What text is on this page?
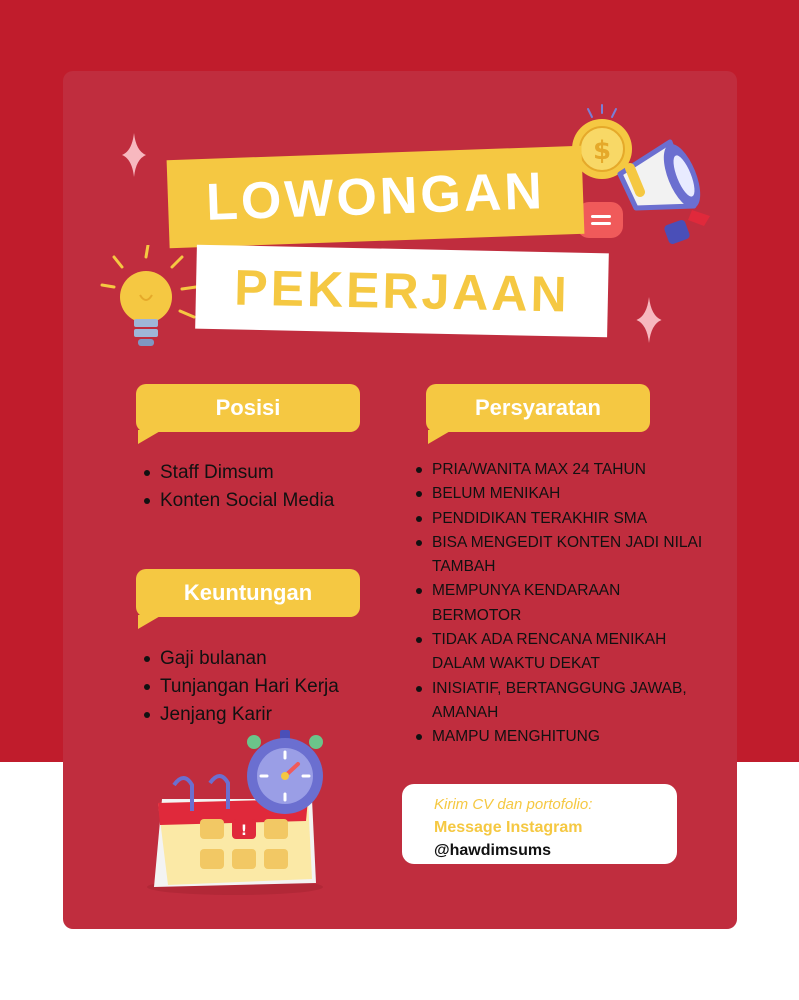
$
LOWONGAN
PEKERJAAN
Posisi	Persyaratan
Keuntungan
Staff Dimsum
Konten Social Media
Gaji bulanan
Tunjangan Hari Kerja
Jenjang Karir
PRIA/WANITA MAX 24 TAHUN
BELUM MENIKAH
PENDIDIKAN TERAKHIR SMA
BISA MENGEDIT KONTEN JADI NILAI TAMBAH
MEMPUNYA KENDARAAN BERMOTOR
TIDAK ADA RENCANA MENIKAH DALAM WAKTU DEKAT
INISIATIF, BERTANGGUNG JAWAB, AMANAH
MAMPU MENGHITUNG
!
Kirim CV dan portofolio:
Message Instagram
@hawdimsums
